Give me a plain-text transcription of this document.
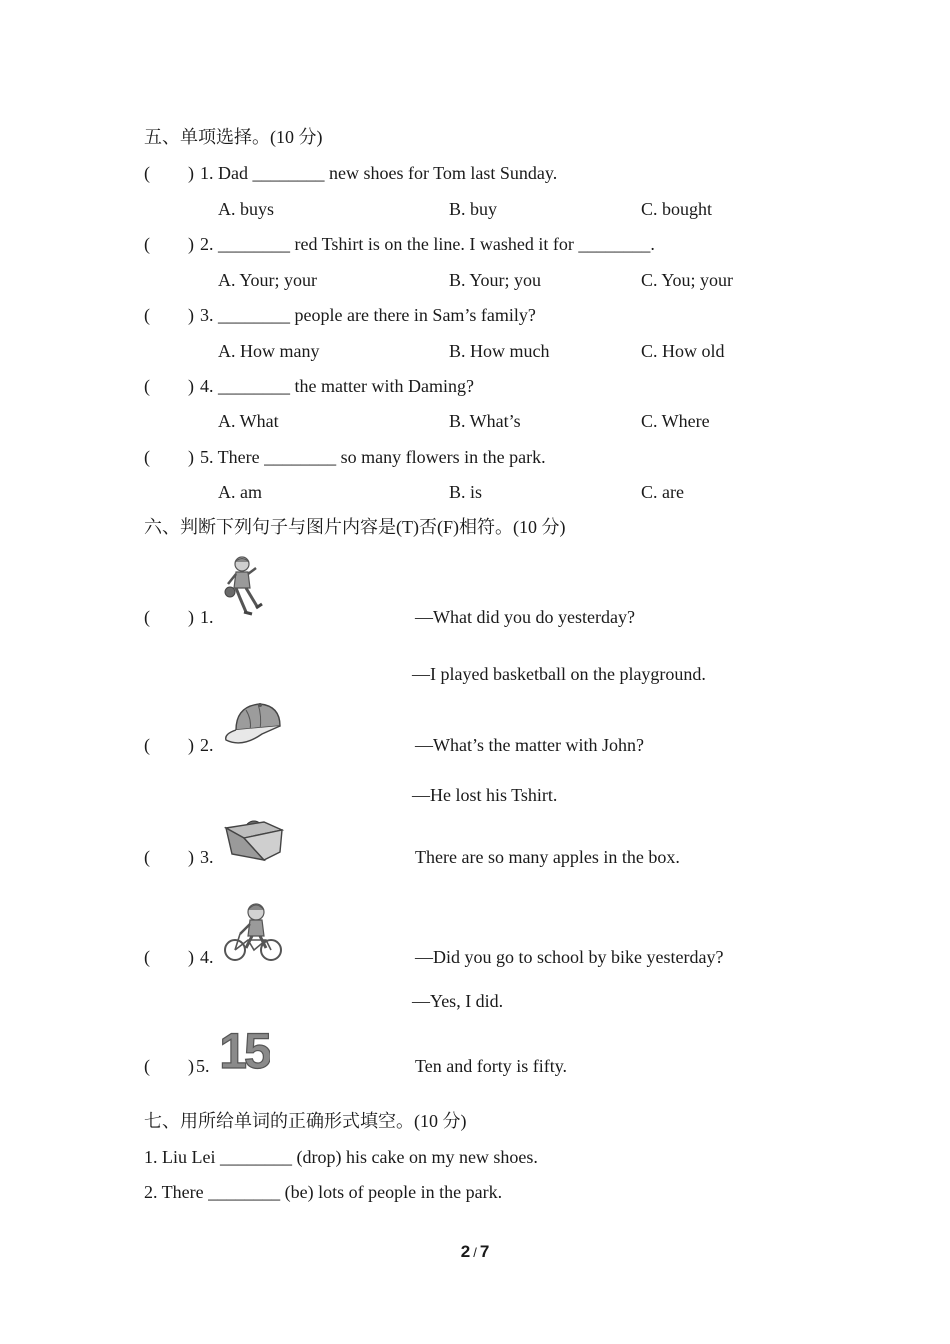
五、单项选择。(10 分)
( ) 1. Dad ________ new shoes for Tom last Sunday.
A. buys	B. buy	C. bought
( ) 2. ________ red Tshirt is on the line. I washed it for ________.
A. Your; your	B. Your; you	C. You; your
( ) 3. ________ people are there in Sam’s family?
A. How many	B. How much	C. How old
( ) 4. ________ the matter with Daming?
A. What	B. What’s	C. Where
( ) 5. There ________ so many flowers in the park.
A. am	B. is	C. are
六、判断下列句子与图片内容是(T)否(F)相符。(10 分)
( ) 1.	—What did you do yesterday?
—I played basketball on the playground.
( ) 2.	—What’s the matter with John?
—He lost his Tshirt.
( ) 3.	There are so many apples in the box.
( ) 4.	—Did you go to school by bike yesterday?
—Yes, I did.
( ) 5. 15	Ten and forty is fifty.
七、用所给单词的正确形式填空。(10 分)
1. Liu Lei ________ (drop) his cake on my new shoes.
2. There ________ (be) lots of people in the park.
2 / 7
